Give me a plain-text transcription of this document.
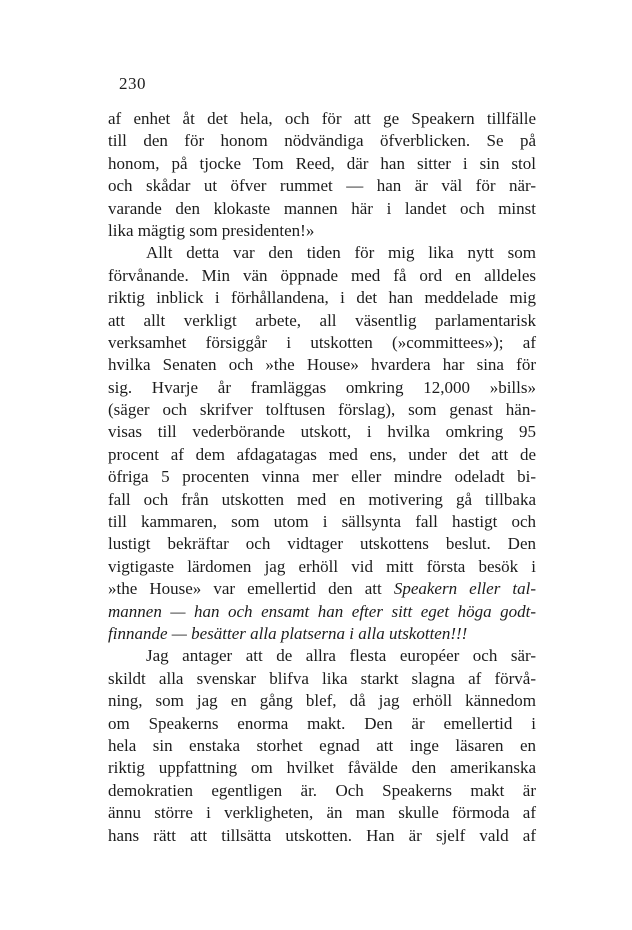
230
af enhet åt det hela, och för att ge Speakern tillfälle
till den för honom nödvändiga öfverblicken. Se på
honom, på tjocke Tom Reed, där han sitter i sin stol
och skådar ut öfver rummet — han är väl för när-
varande den klokaste mannen här i landet och minst
lika mägtig som presidenten!»
Allt detta var den tiden för mig lika nytt som
förvånande. Min vän öppnade med få ord en alldeles
riktig inblick i förhållandena, i det han meddelade mig
att allt verkligt arbete, all väsentlig parlamentarisk
verksamhet försiggår i utskotten (»committees»); af
hvilka Senaten och »the House» hvardera har sina för
sig. Hvarje år framläggas omkring 12,000 »bills»
(säger och skrifver tolftusen förslag), som genast hän-
visas till vederbörande utskott, i hvilka omkring 95
procent af dem afdagatagas med ens, under det att de
öfriga 5 procenten vinna mer eller mindre odeladt bi-
fall och från utskotten med en motivering gå tillbaka
till kammaren, som utom i sällsynta fall hastigt och
lustigt bekräftar och vidtager utskottens beslut. Den
vigtigaste lärdomen jag erhöll vid mitt första besök i
»the House» var emellertid den att Speakern eller tal-
mannen — han och ensamt han efter sitt eget höga godt-
finnande — besätter alla platserna i alla utskotten!!!
Jag antager att de allra flesta européer och sär-
skildt alla svenskar blifva lika starkt slagna af förvå-
ning, som jag en gång blef, då jag erhöll kännedom
om Speakerns enorma makt. Den är emellertid i
hela sin enstaka storhet egnad att inge läsaren en
riktig uppfattning om hvilket fåvälde den amerikanska
demokratien egentligen är. Och Speakerns makt är
ännu större i verkligheten, än man skulle förmoda af
hans rätt att tillsätta utskotten. Han är sjelf vald af
